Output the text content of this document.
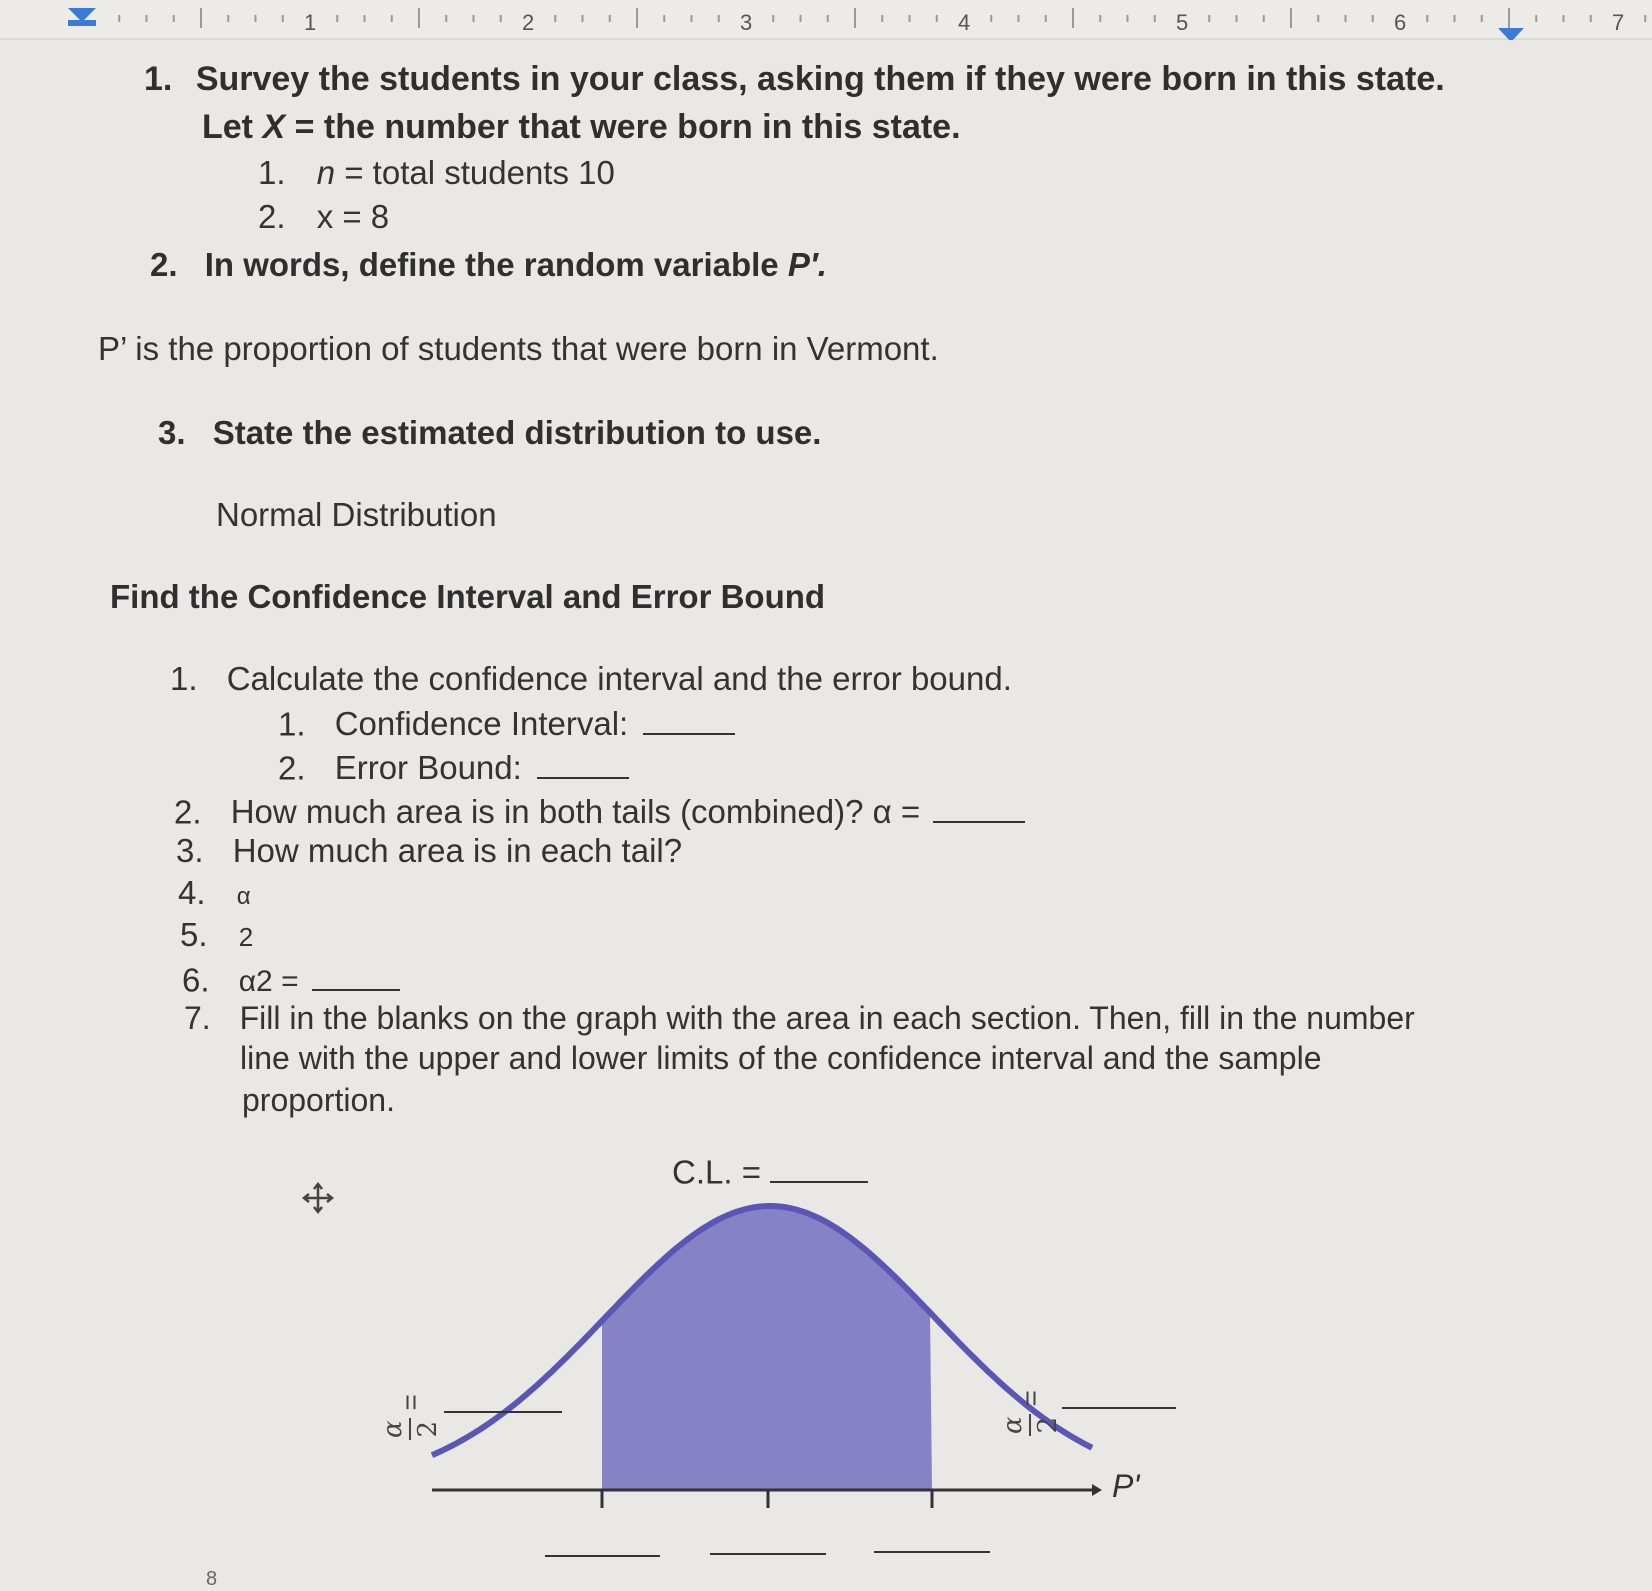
1	2	3	4	5	6	7
1. Survey the students in your class, asking them if they were born in this state.
Let X = the number that were born in this state.
1. n = total students 10
2. x = 8
2. In words, define the random variable P′.
P’ is the proportion of students that were born in Vermont.
3. State the estimated distribution to use.
Normal Distribution
Find the Confidence Interval and Error Bound
1. Calculate the confidence interval and the error bound.
1. Confidence Interval:
2. Error Bound:
2. How much area is in both tails (combined)? α =
3. How much area is in each tail?
4. α
5. 2
6. α2 =
7. Fill in the blanks on the graph with the area in each section. Then, fill in the number
line with the upper and lower limits of the confidence interval and the sample
proportion.
C.L. =
α 2
=
α 2
=
P'
8
